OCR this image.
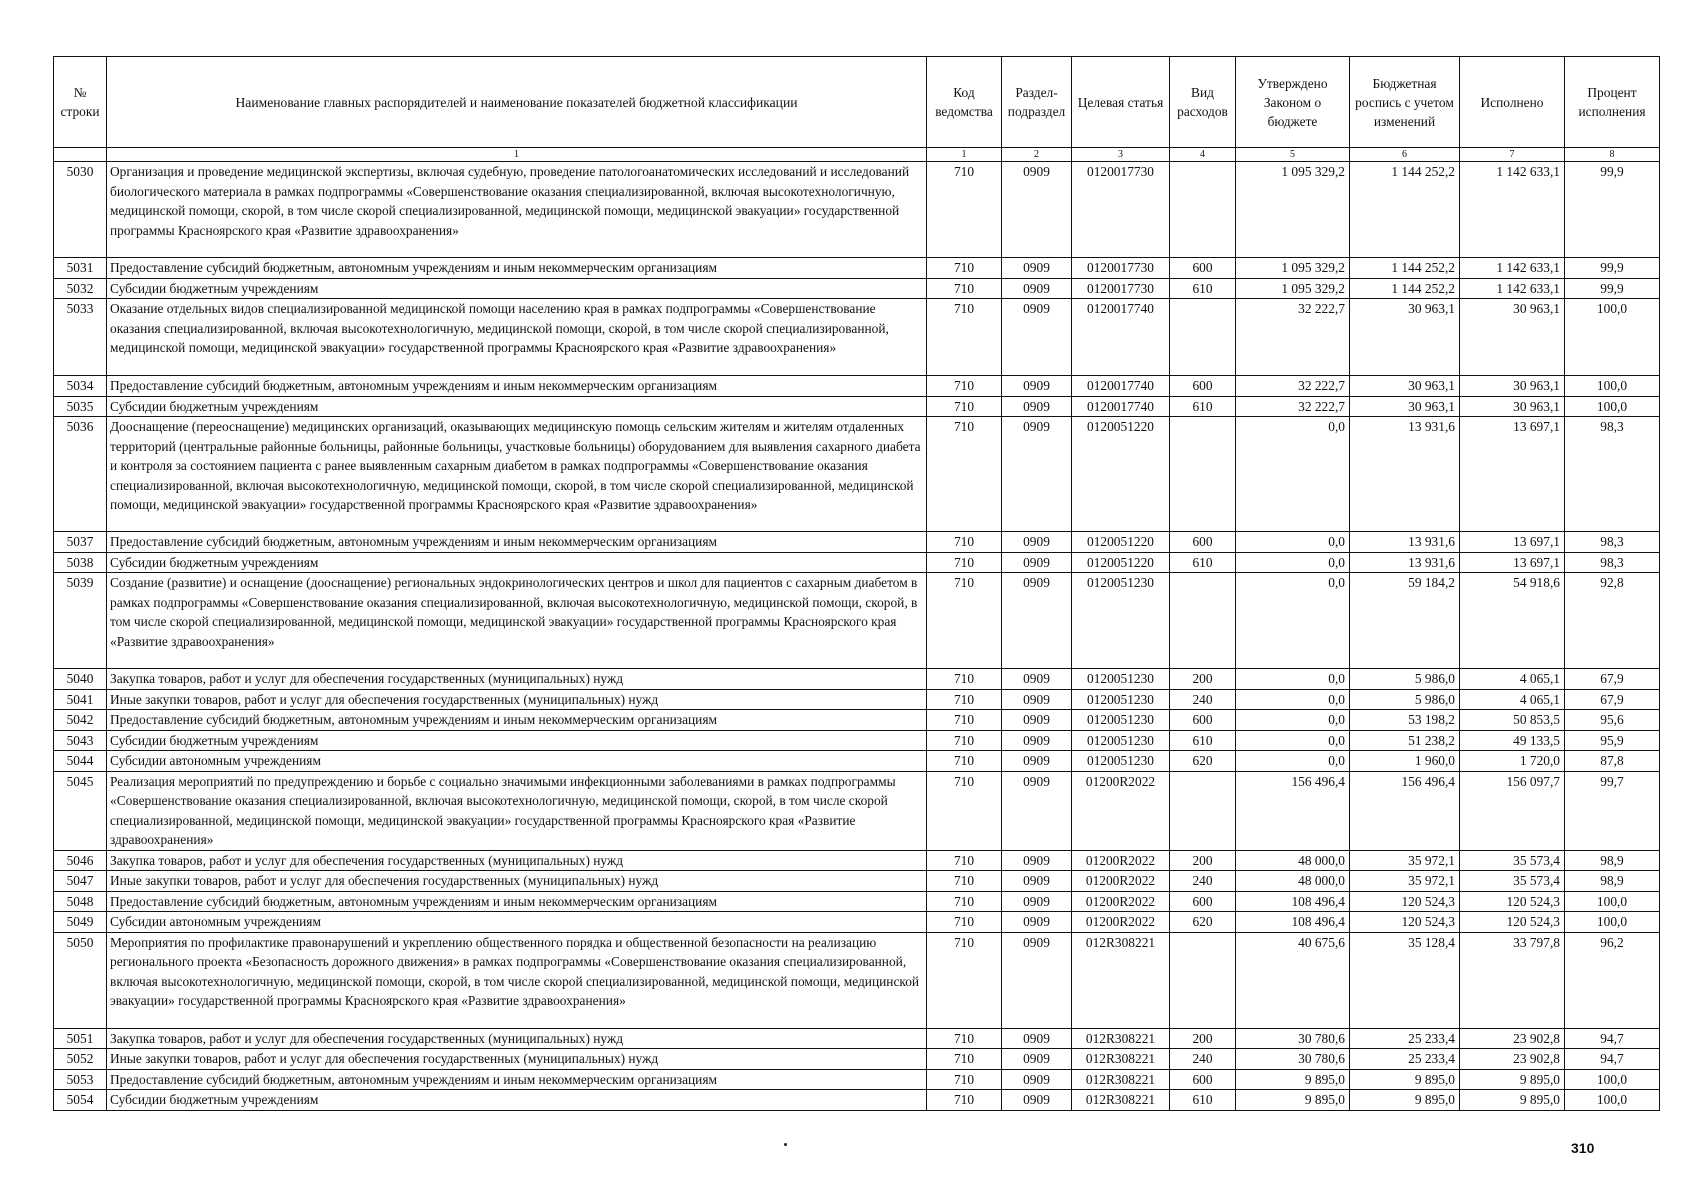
№ строки	Наименование главных распорядителей и наименование показателей бюджетной классификации	Код ведомства	Раздел-подраздел	Целевая статья	Вид расходов	Утверждено Законом о бюджете	Бюджетная роспись с учетом изменений	Исполнено	Процент исполнения
	1	1	2	3	4	5	6	7	8
5030	Организация и проведение медицинской экспертизы, включая судебную, проведение патологоанатомических исследований и исследований биологического материала в рамках подпрограммы «Совершенствование оказания специализированной, включая высокотехнологичную, медицинской помощи, скорой, в том числе скорой специализированной, медицинской помощи, медицинской эвакуации» государственной программы Красноярского края «Развитие здравоохранения»	710	0909	0120017730		1 095 329,2	1 144 252,2	1 142 633,1	99,9
5031	Предоставление субсидий бюджетным, автономным учреждениям и иным некоммерческим организациям	710	0909	0120017730	600	1 095 329,2	1 144 252,2	1 142 633,1	99,9
5032	Субсидии бюджетным учреждениям	710	0909	0120017730	610	1 095 329,2	1 144 252,2	1 142 633,1	99,9
5033	Оказание отдельных видов специализированной медицинской помощи населению края в рамках подпрограммы «Совершенствование оказания специализированной, включая высокотехнологичную, медицинской помощи, скорой, в том числе скорой специализированной, медицинской помощи, медицинской эвакуации» государственной программы Красноярского края «Развитие здравоохранения»	710	0909	0120017740		32 222,7	30 963,1	30 963,1	100,0
5034	Предоставление субсидий бюджетным, автономным учреждениям и иным некоммерческим организациям	710	0909	0120017740	600	32 222,7	30 963,1	30 963,1	100,0
5035	Субсидии бюджетным учреждениям	710	0909	0120017740	610	32 222,7	30 963,1	30 963,1	100,0
5036	Дооснащение (переоснащение) медицинских организаций, оказывающих медицинскую помощь сельским жителям и жителям отдаленных территорий (центральные районные больницы, районные больницы, участковые больницы) оборудованием для выявления сахарного диабета и контроля за состоянием пациента с ранее выявленным сахарным диабетом в рамках подпрограммы «Совершенствование оказания специализированной, включая высокотехнологичную, медицинской помощи, скорой, в том числе скорой специализированной, медицинской помощи, медицинской эвакуации» государственной программы Красноярского края «Развитие здравоохранения»	710	0909	0120051220		0,0	13 931,6	13 697,1	98,3
5037	Предоставление субсидий бюджетным, автономным учреждениям и иным некоммерческим организациям	710	0909	0120051220	600	0,0	13 931,6	13 697,1	98,3
5038	Субсидии бюджетным учреждениям	710	0909	0120051220	610	0,0	13 931,6	13 697,1	98,3
5039	Создание (развитие) и оснащение (дооснащение) региональных эндокринологических центров и школ для пациентов с сахарным диабетом в рамках подпрограммы «Совершенствование оказания специализированной, включая высокотехнологичную, медицинской помощи, скорой, в том числе скорой специализированной, медицинской помощи, медицинской эвакуации» государственной программы Красноярского края «Развитие здравоохранения»	710	0909	0120051230		0,0	59 184,2	54 918,6	92,8
5040	Закупка товаров, работ и услуг для обеспечения государственных (муниципальных) нужд	710	0909	0120051230	200	0,0	5 986,0	4 065,1	67,9
5041	Иные закупки товаров, работ и услуг для обеспечения государственных (муниципальных) нужд	710	0909	0120051230	240	0,0	5 986,0	4 065,1	67,9
5042	Предоставление субсидий бюджетным, автономным учреждениям и иным некоммерческим организациям	710	0909	0120051230	600	0,0	53 198,2	50 853,5	95,6
5043	Субсидии бюджетным учреждениям	710	0909	0120051230	610	0,0	51 238,2	49 133,5	95,9
5044	Субсидии автономным учреждениям	710	0909	0120051230	620	0,0	1 960,0	1 720,0	87,8
5045	Реализация мероприятий по предупреждению и борьбе с социально значимыми инфекционными заболеваниями в рамках подпрограммы «Совершенствование оказания специализированной, включая высокотехнологичную, медицинской помощи, скорой, в том числе скорой специализированной, медицинской помощи, медицинской эвакуации» государственной программы Красноярского края «Развитие здравоохранения»	710	0909	01200R2022		156 496,4	156 496,4	156 097,7	99,7
5046	Закупка товаров, работ и услуг для обеспечения государственных (муниципальных) нужд	710	0909	01200R2022	200	48 000,0	35 972,1	35 573,4	98,9
5047	Иные закупки товаров, работ и услуг для обеспечения государственных (муниципальных) нужд	710	0909	01200R2022	240	48 000,0	35 972,1	35 573,4	98,9
5048	Предоставление субсидий бюджетным, автономным учреждениям и иным некоммерческим организациям	710	0909	01200R2022	600	108 496,4	120 524,3	120 524,3	100,0
5049	Субсидии автономным учреждениям	710	0909	01200R2022	620	108 496,4	120 524,3	120 524,3	100,0
5050	Мероприятия по профилактике правонарушений и укреплению общественного порядка и общественной безопасности на реализацию регионального проекта «Безопасность дорожного движения» в рамках подпрограммы «Совершенствование оказания специализированной, включая высокотехнологичную, медицинской помощи, скорой, в том числе скорой специализированной, медицинской помощи, медицинской эвакуации» государственной программы Красноярского края «Развитие здравоохранения»	710	0909	012R308221		40 675,6	35 128,4	33 797,8	96,2
5051	Закупка товаров, работ и услуг для обеспечения государственных (муниципальных) нужд	710	0909	012R308221	200	30 780,6	25 233,4	23 902,8	94,7
5052	Иные закупки товаров, работ и услуг для обеспечения государственных (муниципальных) нужд	710	0909	012R308221	240	30 780,6	25 233,4	23 902,8	94,7
5053	Предоставление субсидий бюджетным, автономным учреждениям и иным некоммерческим организациям	710	0909	012R308221	600	9 895,0	9 895,0	9 895,0	100,0
5054	Субсидии бюджетным учреждениям	710	0909	012R308221	610	9 895,0	9 895,0	9 895,0	100,0
310
